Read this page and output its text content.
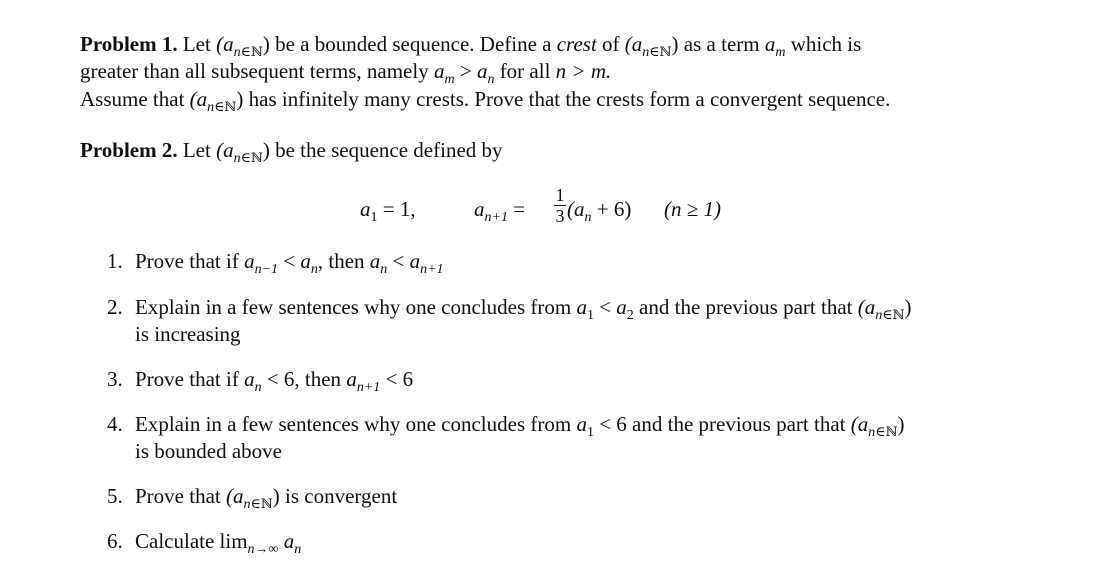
Problem 1. Let $(a_{n\in ℕ})$ be a bounded sequence. Define a crest of $(a_{n\in ℕ})$ as a term $a_m$ which is
greater than all subsequent terms, namely $a_m > a_n$ for all n > m.
Assume that $(a_{n\in ℕ})$ has infinitely many crests. Prove that the crests form a convergent sequence.
Problem 2. Let $(a_{n\in ℕ})$ be the sequence defined by
$a_1 = 1$,	$a_{n+1}$ =
1
3 $(a_n + 6) (n \ge 1)$
1. Prove that if $a_{n-1} < a_n$, then $a_n < a_{n+1}$
2. Explain in a few sentences why one concludes from $a_1 < a_2$ and the previous part that $(a_{n\in ℕ})$
is increasing
3. Prove that if $a_n < 6$, then $a_{n+1} < 6$
4. Explain in a few sentences why one concludes from $a_1 < 6$ and the previous part that $(a_{n\in ℕ})$
is bounded above
5. Prove that $(a_{n\in ℕ})$ is convergent
6. Calculate $\lim_{n\to\infty} a_n$
